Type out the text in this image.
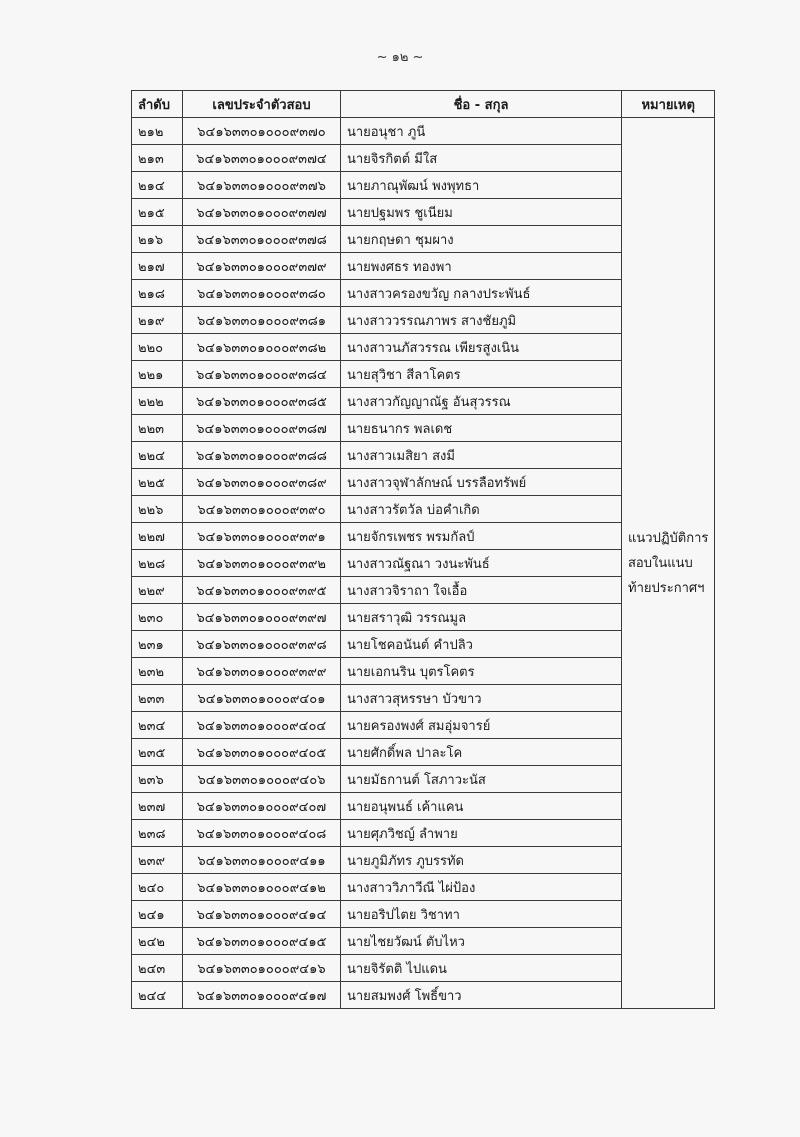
~ ๑๒ ~
ลำดับ	เลขประจำตัวสอบ	ชื่อ - สกุล	หมายเหตุ
๒๑๒	๖๔๑๖๓๓๐๑๐๐๐๙๓๗๐	นายอนุชา ภูนี	แนวปฏิบัติการ
สอบในแนบ
ท้ายประกาศฯ

๒๑๓	๖๔๑๖๓๓๐๑๐๐๐๙๓๗๔	นายจิรกิตต์ มีใส	
๒๑๔	๖๔๑๖๓๓๐๑๐๐๐๙๓๗๖	นายภาณุพัฒน์ พงพุทธา	
๒๑๕	๖๔๑๖๓๓๐๑๐๐๐๙๓๗๗	นายปฐมพร ชูเนียม	
๒๑๖	๖๔๑๖๓๓๐๑๐๐๐๙๓๗๘	นายกฤษดา ชุมผาง	
๒๑๗	๖๔๑๖๓๓๐๑๐๐๐๙๓๗๙	นายพงศธร ทองพา	
๒๑๘	๖๔๑๖๓๓๐๑๐๐๐๙๓๘๐	นางสาวครองขวัญ กลางประพันธ์	
๒๑๙	๖๔๑๖๓๓๐๑๐๐๐๙๓๘๑	นางสาววรรณภาพร สางชัยภูมิ	
๒๒๐	๖๔๑๖๓๓๐๑๐๐๐๙๓๘๒	นางสาวนภัสวรรณ เพียรสูงเนิน	
๒๒๑	๖๔๑๖๓๓๐๑๐๐๐๙๓๘๔	นายสุวิชา สีลาโคตร	
๒๒๒	๖๔๑๖๓๓๐๑๐๐๐๙๓๘๕	นางสาวกัญญาณัฐ อันสุวรรณ	
๒๒๓	๖๔๑๖๓๓๐๑๐๐๐๙๓๘๗	นายธนากร พลเดช	
๒๒๔	๖๔๑๖๓๓๐๑๐๐๐๙๓๘๘	นางสาวเมสิยา สงมี	
๒๒๕	๖๔๑๖๓๓๐๑๐๐๐๙๓๘๙	นางสาวจุฬาลักษณ์ บรรลือทรัพย์	
๒๒๖	๖๔๑๖๓๓๐๑๐๐๐๙๓๙๐	นางสาวรัตวัล บ่อคำเกิด	
๒๒๗	๖๔๑๖๓๓๐๑๐๐๐๙๓๙๑	นายจักรเพชร พรมกัลป์	
๒๒๘	๖๔๑๖๓๓๐๑๐๐๐๙๓๙๒	นางสาวณัฐณา วงนะพันธ์	
๒๒๙	๖๔๑๖๓๓๐๑๐๐๐๙๓๙๕	นางสาวจิราถา ใจเอื้อ	
๒๓๐	๖๔๑๖๓๓๐๑๐๐๐๙๓๙๗	นายสราวุฒิ วรรณมูล	
๒๓๑	๖๔๑๖๓๓๐๑๐๐๐๙๓๙๘	นายโชคอนันต์ คำปลิว	
๒๓๒	๖๔๑๖๓๓๐๑๐๐๐๙๓๙๙	นายเอกนริน บุตรโคตร	
๒๓๓	๖๔๑๖๓๓๐๑๐๐๐๙๔๐๑	นางสาวสุหรรษา บัวขาว	
๒๓๔	๖๔๑๖๓๓๐๑๐๐๐๙๔๐๔	นายครองพงศ์ สมอุ่มจารย์	
๒๓๕	๖๔๑๖๓๓๐๑๐๐๐๙๔๐๕	นายศักดิ์พล ปาละโค	
๒๓๖	๖๔๑๖๓๓๐๑๐๐๐๙๔๐๖	นายมัธกานต์ โสภาวะนัส	
๒๓๗	๖๔๑๖๓๓๐๑๐๐๐๙๔๐๗	นายอนุพนธ์ เค้าแคน	
๒๓๘	๖๔๑๖๓๓๐๑๐๐๐๙๔๐๘	นายศุภวิชญ์ ลำพาย	
๒๓๙	๖๔๑๖๓๓๐๑๐๐๐๙๔๑๑	นายภูมิภัทร ภูบรรทัด	
๒๔๐	๖๔๑๖๓๓๐๑๐๐๐๙๔๑๒	นางสาววิภาวีณี ไผ่ป้อง	
๒๔๑	๖๔๑๖๓๓๐๑๐๐๐๙๔๑๔	นายอริปไตย วิชาทา	
๒๔๒	๖๔๑๖๓๓๐๑๐๐๐๙๔๑๕	นายไชยวัฒน์ ตับไหว	
๒๔๓	๖๔๑๖๓๓๐๑๐๐๐๙๔๑๖	นายจิรัตติ ไปแดน	
๒๔๔	๖๔๑๖๓๓๐๑๐๐๐๙๔๑๗	นายสมพงศ์ โพธิ์ขาว	
